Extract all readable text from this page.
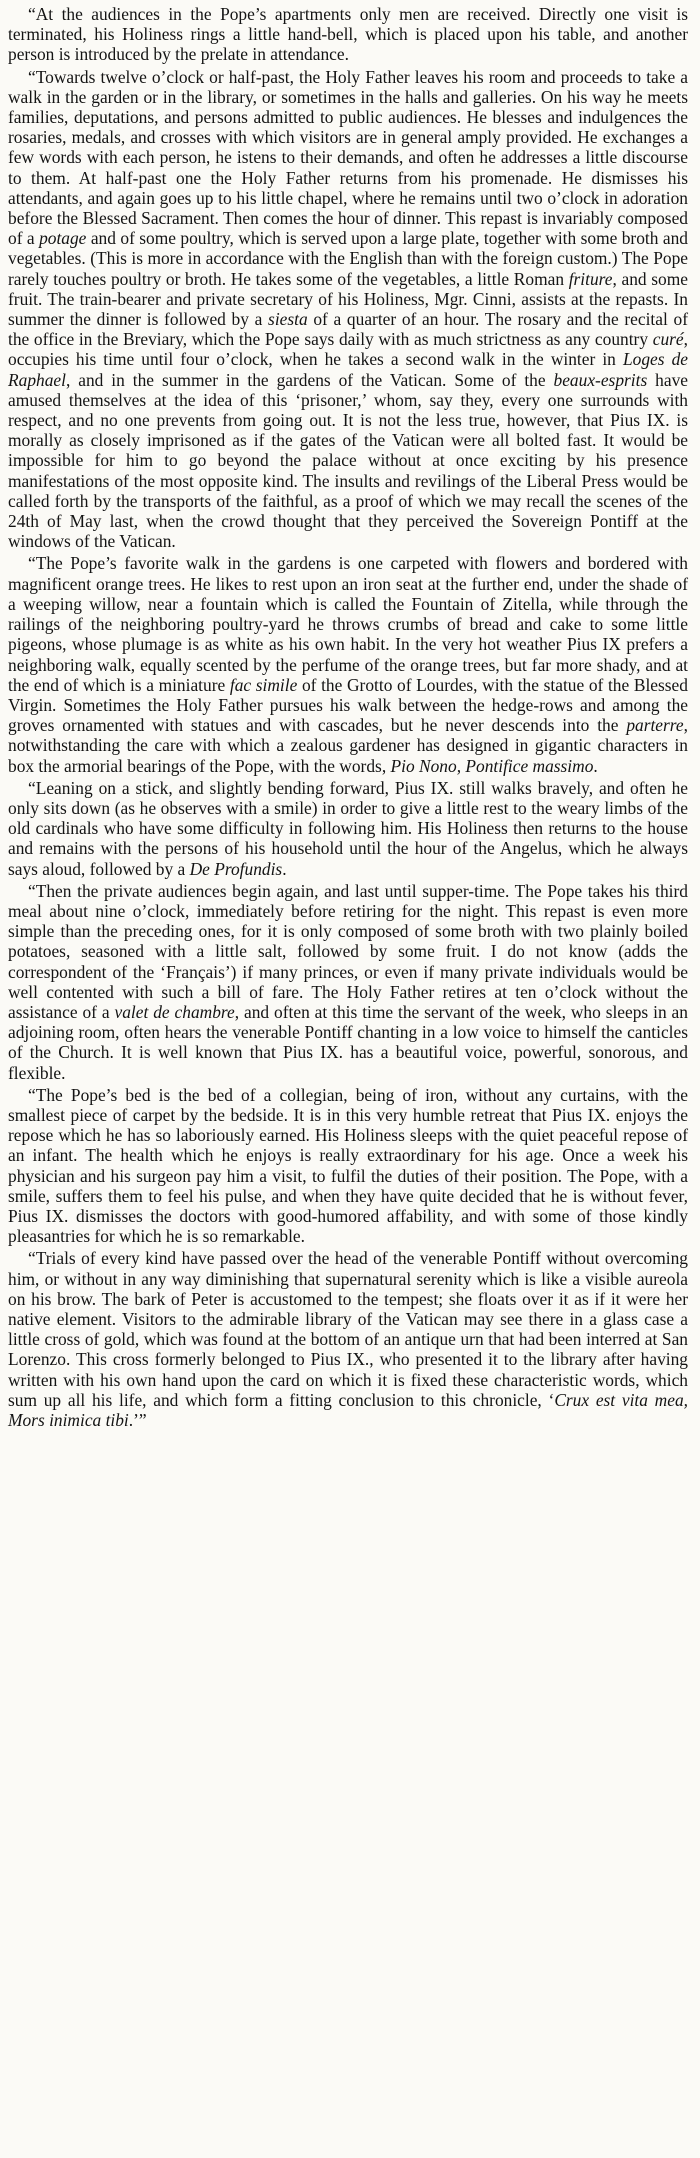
“At the audiences in the Pope’s apartments only men are received. Directly one visit is terminated, his Holiness rings a little hand-bell, which is placed upon his table, and another person is introduced by the prelate in attendance.

“Towards twelve o’clock or half-past, the Holy Father leaves his room and proceeds to take a walk in the garden or in the library, or sometimes in the halls and galleries. On his way he meets families, deputations, and persons admitted to public audiences. He blesses and indulgences the rosaries, medals, and crosses with which visitors are in general amply provided. He exchanges a few words with each person, he istens to their demands, and often he addresses a little discourse to them. At half-past one the Holy Father returns from his promenade. He dismisses his attendants, and again goes up to his little chapel, where he remains until two o’clock in adoration before the Blessed Sacrament. Then comes the hour of dinner. This repast is invariably composed of a potage and of some poultry, which is served upon a large plate, together with some broth and vegetables. (This is more in accordance with the English than with the foreign custom.) The Pope rarely touches poultry or broth. He takes some of the vegetables, a little Roman friture, and some fruit. The train-bearer and private secretary of his Holiness, Mgr. Cinni, assists at the repasts. In summer the dinner is followed by a siesta of a quarter of an hour. The rosary and the recital of the office in the Breviary, which the Pope says daily with as much strictness as any country curé, occupies his time until four o’clock, when he takes a second walk in the winter in Loges de Raphael, and in the summer in the gardens of the Vatican. Some of the beaux-esprits have amused themselves at the idea of this ‘prisoner,’ whom, say they, every one surrounds with respect, and no one prevents from going out. It is not the less true, however, that Pius IX. is morally as closely imprisoned as if the gates of the Vatican were all bolted fast. It would be impossible for him to go beyond the palace without at once exciting by his presence manifestations of the most opposite kind. The insults and revilings of the Liberal Press would be called forth by the transports of the faithful, as a proof of which we may recall the scenes of the 24th of May last, when the crowd thought that they perceived the Sovereign Pontiff at the windows of the Vatican.

“The Pope’s favorite walk in the gardens is one carpeted with flowers and bordered with magnificent orange trees. He likes to rest upon an iron seat at the further end, under the shade of a weeping willow, near a fountain which is called the Fountain of Zitella, while through the railings of the neighboring poultry-yard he throws crumbs of bread and cake to some little pigeons, whose plumage is as white as his own habit. In the very hot weather Pius IX prefers a neighboring walk, equally scented by the perfume of the orange trees, but far more shady, and at the end of which is a miniature fac simile of the Grotto of Lourdes, with the statue of the Blessed Virgin. Sometimes the Holy Father pursues his walk between the hedge-rows and among the groves ornamented with statues and with cascades, but he never descends into the parterre, notwithstanding the care with which a zealous gardener has designed in gigantic characters in box the armorial bearings of the Pope, with the words, Pio Nono, Pontifice massimo.

“Leaning on a stick, and slightly bending forward, Pius IX. still walks bravely, and often he only sits down (as he observes with a smile) in order to give a little rest to the weary limbs of the old cardinals who have some difficulty in following him. His Holiness then returns to the house and remains with the persons of his household until the hour of the Angelus, which he always says aloud, followed by a De Profundis.

“Then the private audiences begin again, and last until supper-time. The Pope takes his third meal about nine o’clock, immediately before retiring for the night. This repast is even more simple than the preceding ones, for it is only composed of some broth with two plainly boiled potatoes, seasoned with a little salt, followed by some fruit. I do not know (adds the correspondent of the ‘Français’) if many princes, or even if many private individuals would be well contented with such a bill of fare. The Holy Father retires at ten o’clock without the assistance of a valet de chambre, and often at this time the servant of the week, who sleeps in an adjoining room, often hears the venerable Pontiff chanting in a low voice to himself the canticles of the Church. It is well known that Pius IX. has a beautiful voice, powerful, sonorous, and flexible.

“The Pope’s bed is the bed of a collegian, being of iron, without any curtains, with the smallest piece of carpet by the bedside. It is in this very humble retreat that Pius IX. enjoys the repose which he has so laboriously earned. His Holiness sleeps with the quiet peaceful repose of an infant. The health which he enjoys is really extraordinary for his age. Once a week his physician and his surgeon pay him a visit, to fulfil the duties of their position. The Pope, with a smile, suffers them to feel his pulse, and when they have quite decided that he is without fever, Pius IX. dismisses the doctors with good-humored affability, and with some of those kindly pleasantries for which he is so remarkable.

“Trials of every kind have passed over the head of the venerable Pontiff without overcoming him, or without in any way diminishing that supernatural serenity which is like a visible aureola on his brow. The bark of Peter is accustomed to the tempest; she floats over it as if it were her native element. Visitors to the admirable library of the Vatican may see there in a glass case a little cross of gold, which was found at the bottom of an antique urn that had been interred at San Lorenzo. This cross formerly belonged to Pius IX., who presented it to the library after having written with his own hand upon the card on which it is fixed these characteristic words, which sum up all his life, and which form a fitting conclusion to this chronicle, ‘Crux est vita mea, Mors inimica tibi.’”
